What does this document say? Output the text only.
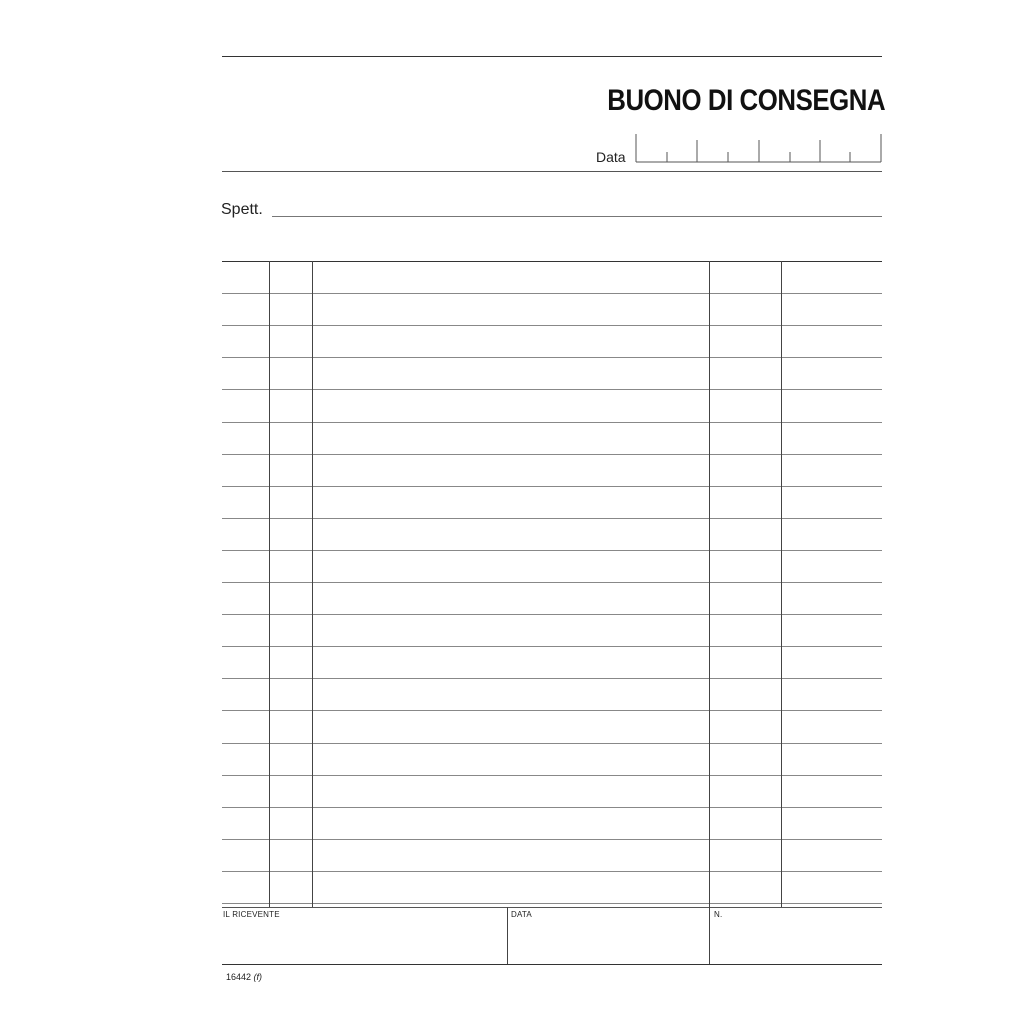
BUONO DI CONSEGNA
Data
Spett.
IL RICEVENTE	DATA	N.
16442 (f)
